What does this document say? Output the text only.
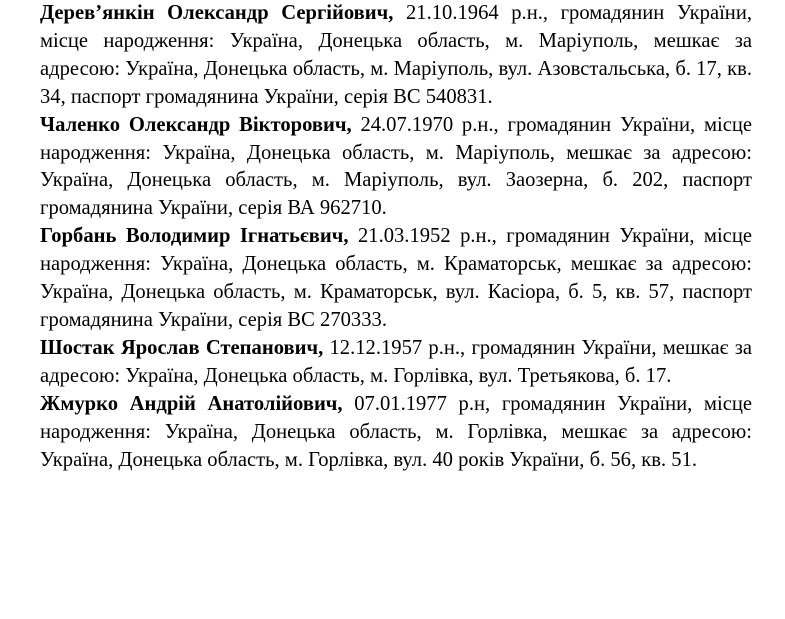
Дерев’янкін Олександр Сергійович, 21.10.1964 р.н., громадянин України, місце народження: Україна, Донецька область, м. Маріуполь, мешкає за адресою: Україна, Донецька область, м. Маріуполь, вул. Азовстальська, б. 17, кв. 34, паспорт громадянина України, серія ВС 540831.

Чаленко Олександр Вікторович, 24.07.1970 р.н., громадянин України, місце народження: Україна, Донецька область, м. Маріуполь, мешкає за адресою: Україна, Донецька область, м. Маріуполь, вул. Заозерна, б. 202, паспорт громадянина України, серія ВА 962710.

Горбань Володимир Ігнатьєвич, 21.03.1952 р.н., громадянин України, місце народження: Україна, Донецька область, м. Краматорськ, мешкає за адресою: Україна, Донецька область, м. Краматорськ, вул. Касіора, б. 5, кв. 57, паспорт громадянина України, серія ВС 270333.

Шостак Ярослав Степанович, 12.12.1957 р.н., громадянин України, мешкає за адресою: Україна, Донецька область, м. Горлівка, вул. Третьякова, б. 17.

Жмурко Андрій Анатолійович, 07.01.1977 р.н, громадянин України, місце народження: Україна, Донецька область, м. Горлівка, мешкає за адресою: Україна, Донецька область, м. Горлівка, вул. 40 років України, б. 56, кв. 51.
